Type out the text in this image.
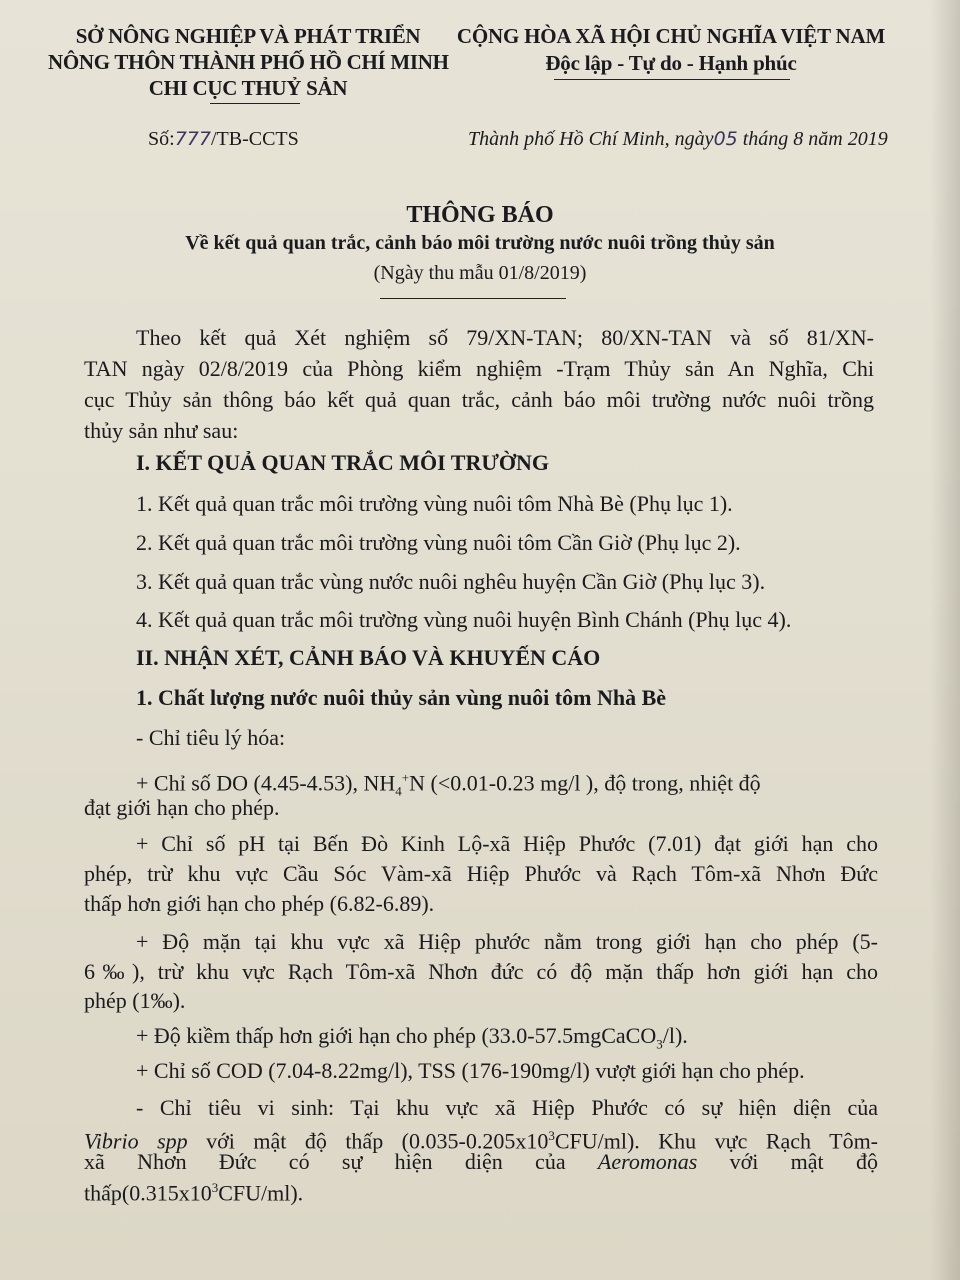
SỞ NÔNG NGHIỆP VÀ PHÁT TRIỂN
NÔNG THÔN THÀNH PHỐ HỒ CHÍ MINH
CHI CỤC THUỶ SẢN
Số:777/TB-CCTS
CỘNG HÒA XÃ HỘI CHỦ NGHĨA VIỆT NAM
Độc lập - Tự do - Hạnh phúc
Thành phố Hồ Chí Minh, ngày05 tháng 8 năm 2019
THÔNG BÁO
Về kết quả quan trắc, cảnh báo môi trường nước nuôi trồng thủy sản
(Ngày thu mẫu 01/8/2019)
Theo kết quả Xét nghiệm số 79/XN-TAN; 80/XN-TAN và số 81/XN-
TAN ngày 02/8/2019 của Phòng kiểm nghiệm -Trạm Thủy sản An Nghĩa, Chi
cục Thủy sản thông báo kết quả quan trắc, cảnh báo môi trường nước nuôi trồng
thủy sản như sau:
I. KẾT QUẢ QUAN TRẮC MÔI TRƯỜNG
1. Kết quả quan trắc môi trường vùng nuôi tôm Nhà Bè (Phụ lục 1).
2. Kết quả quan trắc môi trường vùng nuôi tôm Cần Giờ (Phụ lục 2).
3. Kết quả quan trắc vùng nước nuôi nghêu huyện Cần Giờ (Phụ lục 3).
4. Kết quả quan trắc môi trường vùng nuôi huyện Bình Chánh (Phụ lục 4).
II. NHẬN XÉT, CẢNH BÁO VÀ KHUYẾN CÁO
1. Chất lượng nước nuôi thủy sản vùng nuôi tôm Nhà Bè
- Chỉ tiêu lý hóa:
+ Chỉ số DO (4.45-4.53), $NH_4^+N$ (<0.01-0.23 mg/l ), độ trong, nhiệt độ
đạt giới hạn cho phép.
+ Chỉ số pH tại Bến Đò Kinh Lộ-xã Hiệp Phước (7.01) đạt giới hạn cho
phép, trừ khu vực Cầu Sóc Vàm-xã Hiệp Phước và Rạch Tôm-xã Nhơn Đức
thấp hơn giới hạn cho phép (6.82-6.89).
+ Độ mặn tại khu vực xã Hiệp phước nằm trong giới hạn cho phép (5-
6‰), trừ khu vực Rạch Tôm-xã Nhơn đức có độ mặn thấp hơn giới hạn cho
phép (1‰).
+ Độ kiềm thấp hơn giới hạn cho phép (33.0-57.5mgCaCO$_3$/l).
+ Chỉ số COD (7.04-8.22mg/l), TSS (176-190mg/l) vượt giới hạn cho phép.
- Chỉ tiêu vi sinh: Tại khu vực xã Hiệp Phước có sự hiện diện của
Vibrio spp với mật độ thấp $(0.035-0.205x10^3CFU/ml)$. Khu vực Rạch Tôm-
xã Nhơn Đức có sự hiện diện của Aeromonas với mật độ
$thấp(0.315x10^3CFU/ml)$.
